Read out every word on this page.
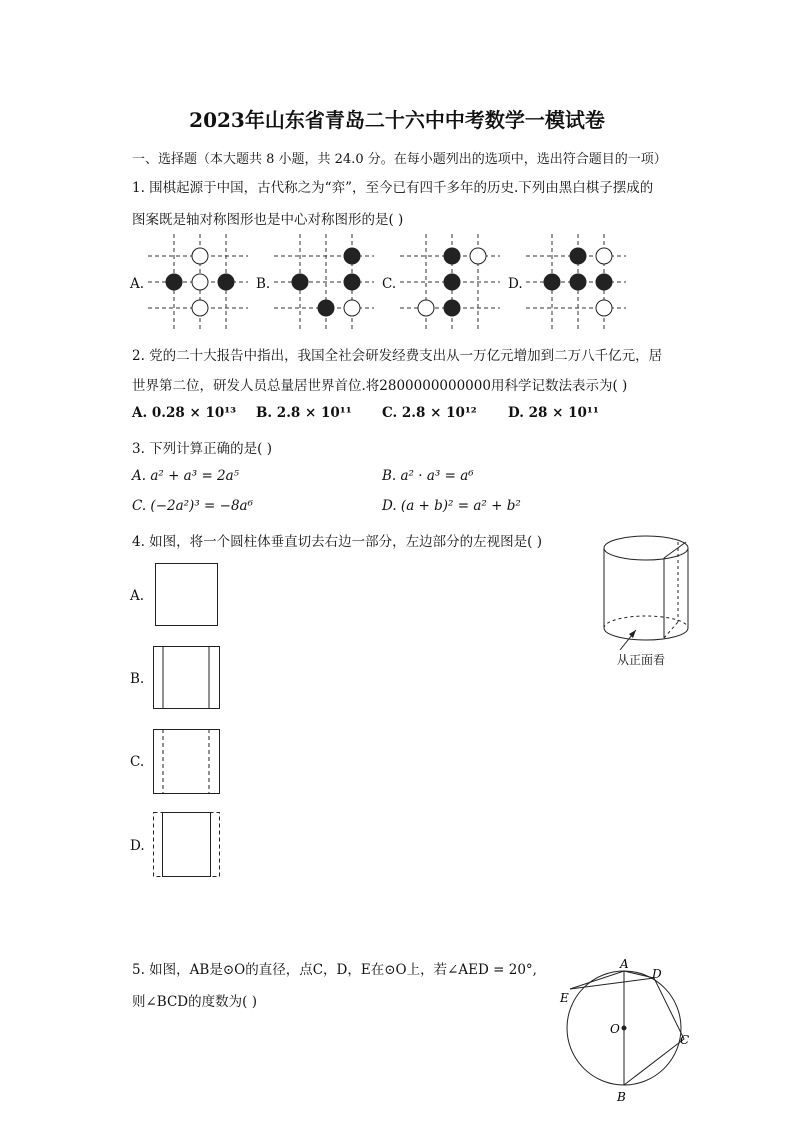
2023年山东省青岛二十六中中考数学一模试卷
一、选择题（本大题共 8 小题，共 24.0 分。在每小题列出的选项中，选出符合题目的一项）
1. 围棋起源于中国，古代称之为“弈”，至今已有四千多年的历史.下列由黑白棋子摆成的
图案既是轴对称图形也是中心对称图形的是( )
A.	B.	C.	D.
2. 党的二十大报告中指出，我国全社会研发经费支出从一万亿元增加到二万八千亿元，居
世界第二位，研发人员总量居世界首位.将2800000000000用科学记数法表示为( )
A. 0.28 × 10¹³ B. 2.8 × 10¹¹ C. 2.8 × 10¹² D. 28 × 10¹¹
3. 下列计算正确的是( )
A. a² + a³ = 2a⁵	B. a² · a³ = a⁶
C. (−2a²)³ = −8a⁶	D. (a + b)² = a² + b²
4. 如图，将一个圆柱体垂直切去右边一部分，左边部分的左视图是( )
从正面看
A.
B.
C.
D.
5. 如图，AB是⊙O的直径，点C，D，E在⊙O上，若∠AED = 20°,
则∠BCD的度数为( )
A
D
E
O
C
B
